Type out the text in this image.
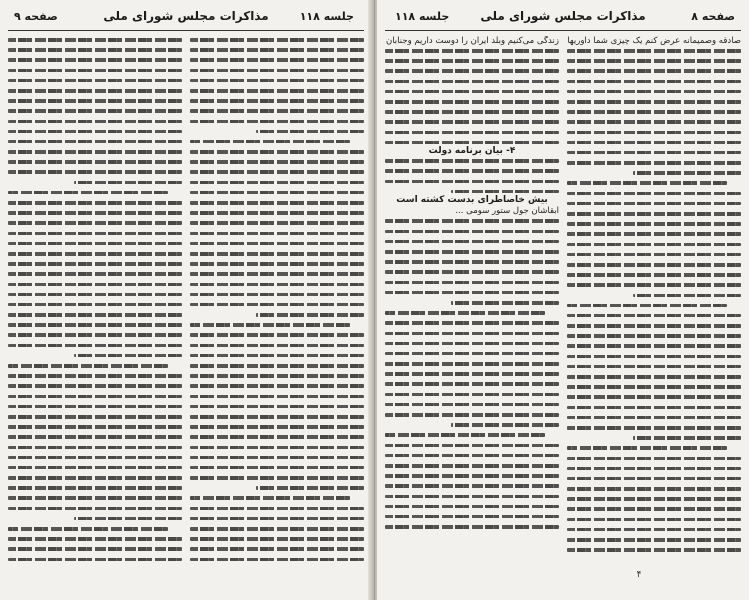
صفحه ۹	مذاکرات مجلس شورای ملی	جلسه ۱۱۸	صفحه ۸
مذاکرات مجلس شورای ملی
جلسه ۱۱۸
صادقه وصمیمانه عرض کنم یک چیزی شما داوریها
۴
زندگی می‌کنیم وبلد ایران را دوست داریم وجنابان
۴- بیان برنامه دولت
بیش خاصاطرای بدست کشته است
ابقاشان جول ستور سومی ...
